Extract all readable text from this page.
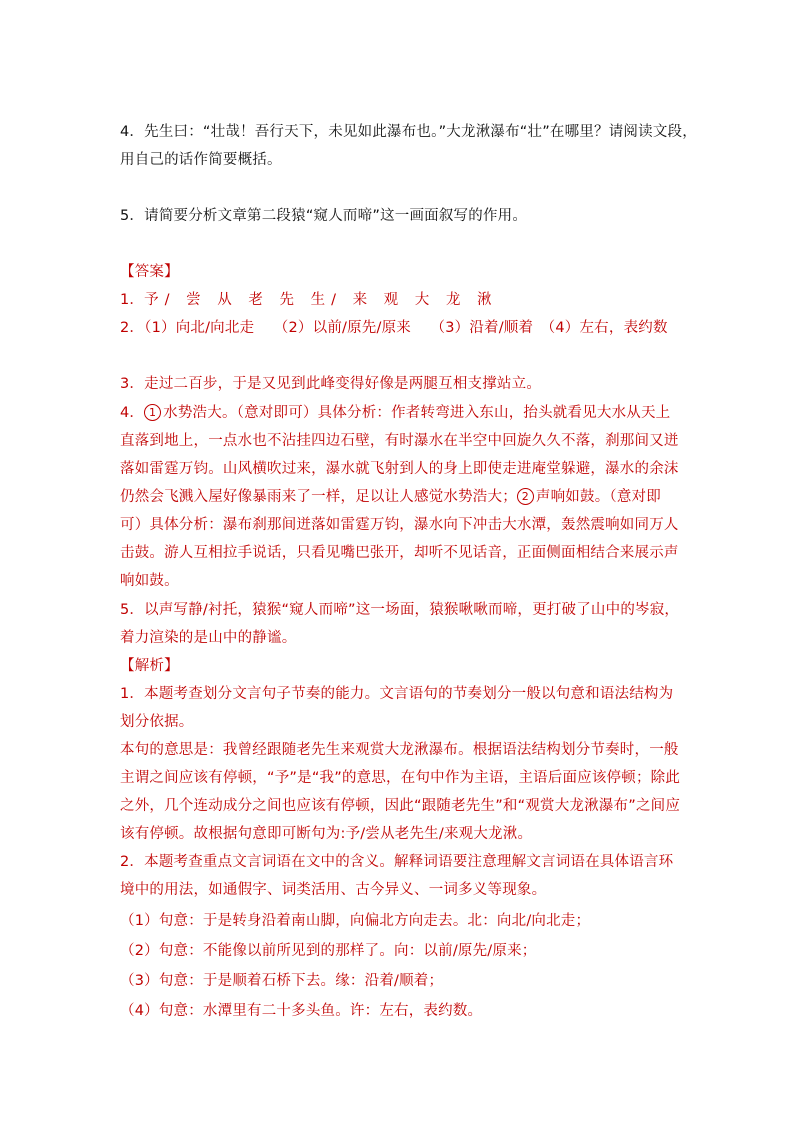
4．先生曰：“壮哉！吾行天下，未见如此瀑布也。”大龙湫瀑布“壮”在哪里？请阅读文段，
用自己的话作简要概括。
5．请简要分析文章第二段猿“窥人而啼”这一画面叙写的作用。
【答案】
1．予/ 尝 从 老 先 生/ 来 观 大 龙 湫
2．（1）向北/向北走　 （2）以前/原先/原来　 （3）沿着/顺着　（4）左右，表约数
3．走过二百步，于是又见到此峰变得好像是两腿互相支撑站立。
4． 1 水势浩大。（意对即可）具体分析：作者转弯进入东山，抬头就看见大水从天上
直落到地上，一点水也不沾挂四边石壁，有时瀑水在半空中回旋久久不落，刹那间又迸
落如雷霆万钧。山风横吹过来，瀑水就飞射到人的身上即使走进庵堂躲避，瀑水的余沫
仍然会飞溅入屋好像暴雨来了一样，足以让人感觉水势浩大； 2 声响如鼓。（意对即
可）具体分析：瀑布刹那间迸落如雷霆万钧，瀑水向下冲击大水潭，轰然震响如同万人
击鼓。游人互相拉手说话，只看见嘴巴张开，却听不见话音，正面侧面相结合来展示声
响如鼓。
5．以声写静/衬托，猿猴“窥人而啼”这一场面，猿猴啾啾而啼，更打破了山中的岑寂，
着力渲染的是山中的静谧。
【解析】
1．本题考查划分文言句子节奏的能力。文言语句的节奏划分一般以句意和语法结构为
划分依据。
本句的意思是：我曾经跟随老先生来观赏大龙湫瀑布。根据语法结构划分节奏时，一般
主谓之间应该有停顿，“予”是“我”的意思，在句中作为主语，主语后面应该停顿；除此
之外，几个连动成分之间也应该有停顿，因此“跟随老先生”和“观赏大龙湫瀑布”之间应
该有停顿。故根据句意即可断句为:予/尝从老先生/来观大龙湫。
2．本题考查重点文言词语在文中的含义。解释词语要注意理解文言词语在具体语言环
境中的用法，如通假字、词类活用、古今异义、一词多义等现象。
（1）句意：于是转身沿着南山脚，向偏北方向走去。北：向北/向北走；
（2）句意：不能像以前所见到的那样了。向：以前/原先/原来；
（3）句意：于是顺着石桥下去。缘：沿着/顺着；
（4）句意：水潭里有二十多头鱼。许：左右，表约数。
